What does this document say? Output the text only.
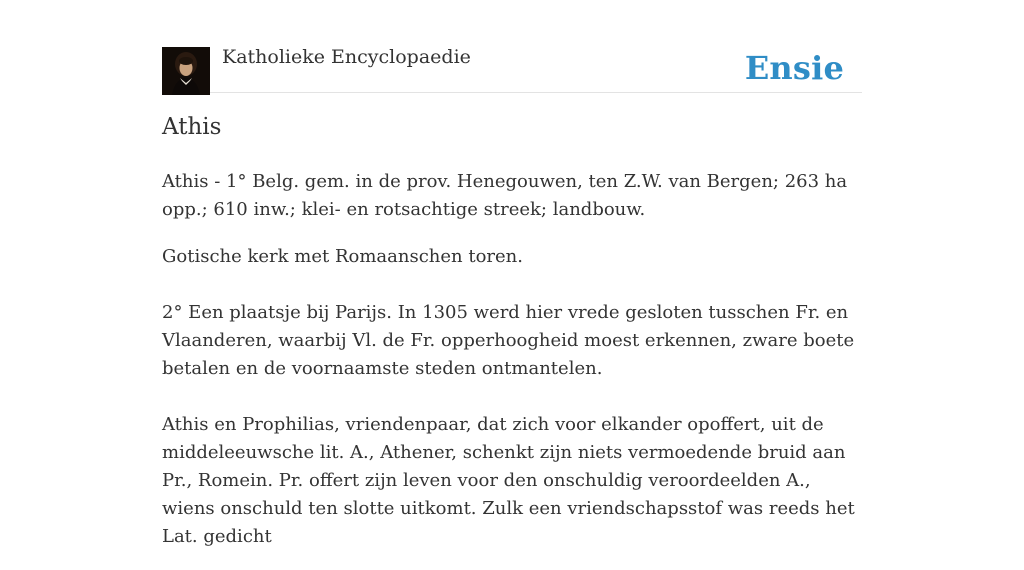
Katholieke Encyclopaedie	Ensie
Athis

Athis - 1° Belg. gem. in de prov. Henegouwen, ten Z.W. van Bergen; 263 ha opp.; 610 inw.; klei- en rotsachtige streek; landbouw.

Gotische kerk met Romaanschen toren.

2° Een plaatsje bij Parijs. In 1305 werd hier vrede gesloten tusschen Fr. en Vlaanderen, waarbij Vl. de Fr. opperhoogheid moest erkennen, zware boete betalen en de voornaamste steden ontmantelen.

Athis en Prophilias, vriendenpaar, dat zich voor elkander opoffert, uit de middeleeuwsche lit. A., Athener, schenkt zijn niets vermoedende bruid aan Pr., Romein. Pr. offert zijn leven voor den onschuldig veroordeelden A., wiens onschuld ten slotte uitkomt. Zulk een vriendschapsstof was reeds het Lat. gedicht
